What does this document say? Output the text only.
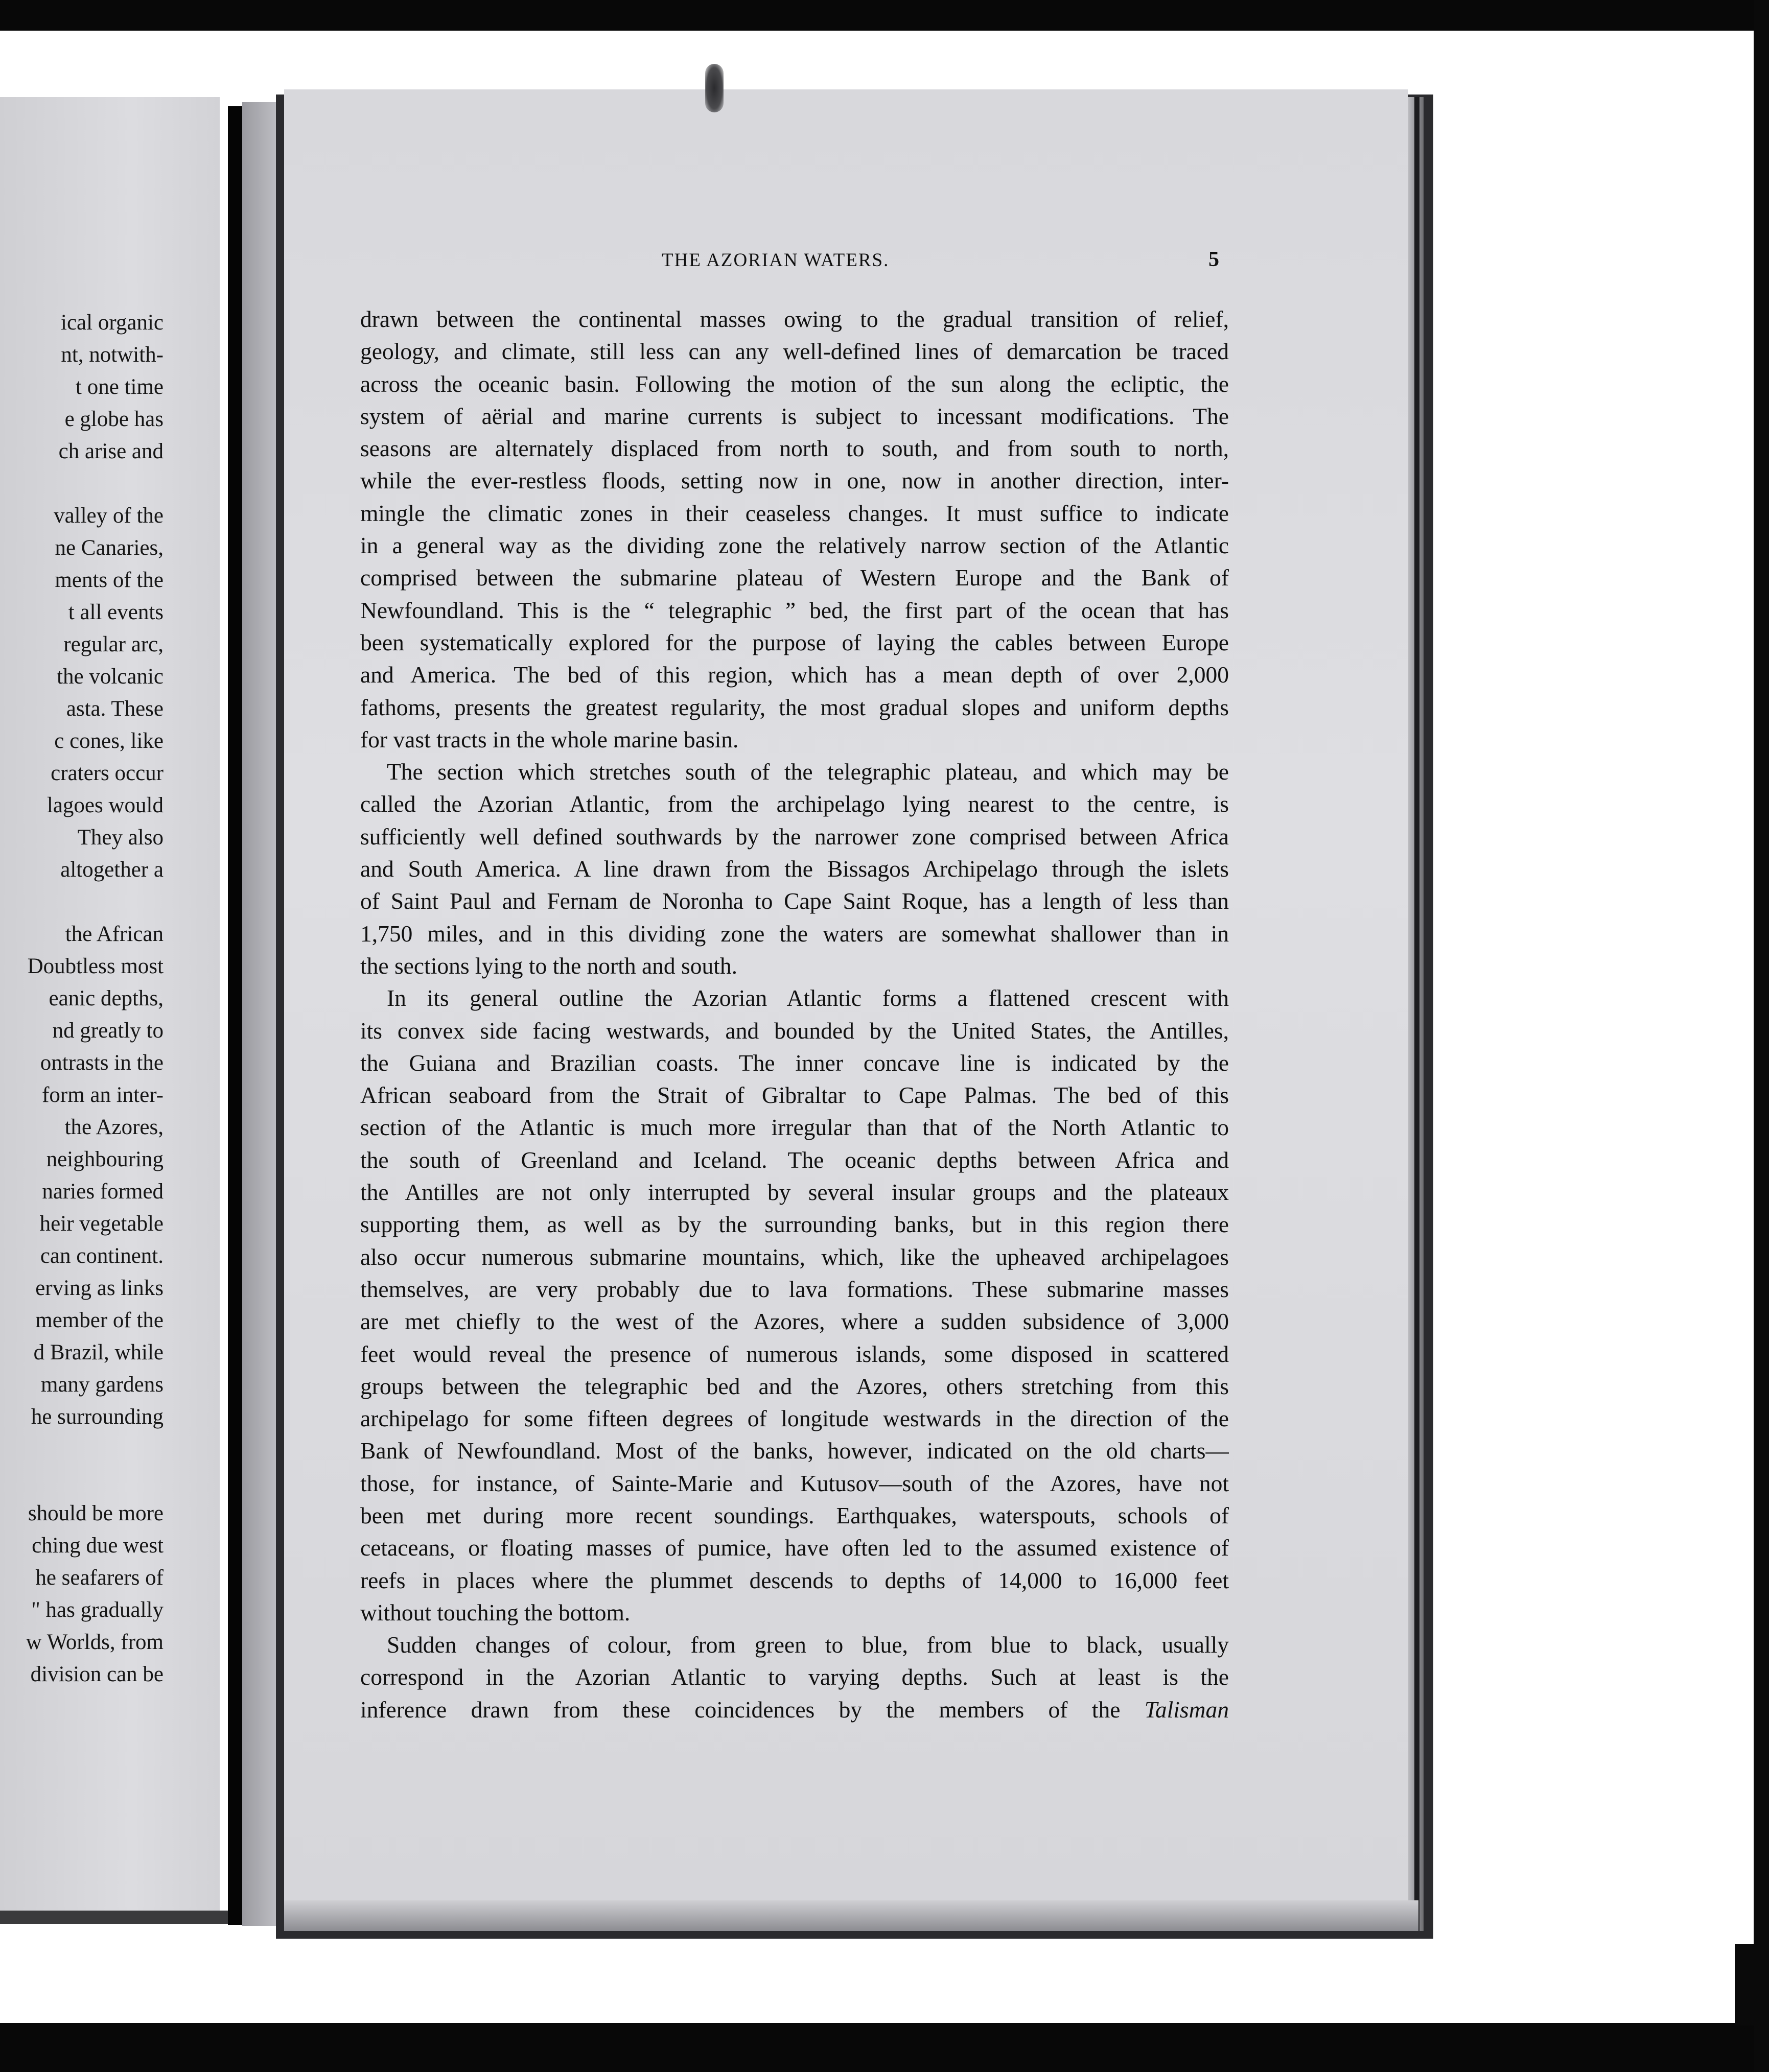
ical organic
nt, notwith-
t one time
e globe has
ch arise and
valley of the
ne Canaries,
ments of the
t all events
regular arc,
the volcanic
asta. These
c cones, like
craters occur
lagoes would
They also
altogether a
the African
Doubtless most
eanic depths,
nd greatly to
ontrasts in the
form an inter-
the Azores,
neighbouring
naries formed
heir vegetable
can continent.
erving as links
member of the
d Brazil, while
many gardens
he surrounding
should be more
ching due west
he seafarers of
" has gradually
w Worlds, from
division can be
THE AZORIAN WATERS.	5
drawn between the continental masses owing to the gradual transition of relief,
geology, and climate, still less can any well-defined lines of demarcation be traced
across the oceanic basin. Following the motion of the sun along the ecliptic, the
system of aërial and marine currents is subject to incessant modifications. The
seasons are alternately displaced from north to south, and from south to north,
while the ever-restless floods, setting now in one, now in another direction, inter-
mingle the climatic zones in their ceaseless changes. It must suffice to indicate
in a general way as the dividing zone the relatively narrow section of the Atlantic
comprised between the submarine plateau of Western Europe and the Bank of
Newfoundland. This is the “ telegraphic ” bed, the first part of the ocean that has
been systematically explored for the purpose of laying the cables between Europe
and America. The bed of this region, which has a mean depth of over 2,000
fathoms, presents the greatest regularity, the most gradual slopes and uniform depths
for vast tracts in the whole marine basin.
The section which stretches south of the telegraphic plateau, and which may be
called the Azorian Atlantic, from the archipelago lying nearest to the centre, is
sufficiently well defined southwards by the narrower zone comprised between Africa
and South America. A line drawn from the Bissagos Archipelago through the islets
of Saint Paul and Fernam de Noronha to Cape Saint Roque, has a length of less than
1,750 miles, and in this dividing zone the waters are somewhat shallower than in
the sections lying to the north and south.
In its general outline the Azorian Atlantic forms a flattened crescent with
its convex side facing westwards, and bounded by the United States, the Antilles,
the Guiana and Brazilian coasts. The inner concave line is indicated by the
African seaboard from the Strait of Gibraltar to Cape Palmas. The bed of this
section of the Atlantic is much more irregular than that of the North Atlantic to
the south of Greenland and Iceland. The oceanic depths between Africa and
the Antilles are not only interrupted by several insular groups and the plateaux
supporting them, as well as by the surrounding banks, but in this region there
also occur numerous submarine mountains, which, like the upheaved archipelagoes
themselves, are very probably due to lava formations. These submarine masses
are met chiefly to the west of the Azores, where a sudden subsidence of 3,000
feet would reveal the presence of numerous islands, some disposed in scattered
groups between the telegraphic bed and the Azores, others stretching from this
archipelago for some fifteen degrees of longitude westwards in the direction of the
Bank of Newfoundland. Most of the banks, however, indicated on the old charts—
those, for instance, of Sainte-Marie and Kutusov—south of the Azores, have not
been met during more recent soundings. Earthquakes, waterspouts, schools of
cetaceans, or floating masses of pumice, have often led to the assumed existence of
reefs in places where the plummet descends to depths of 14,000 to 16,000 feet
without touching the bottom.
Sudden changes of colour, from green to blue, from blue to black, usually
correspond in the Azorian Atlantic to varying depths. Such at least is the
inference drawn from these coincidences by the members of the Talisman
